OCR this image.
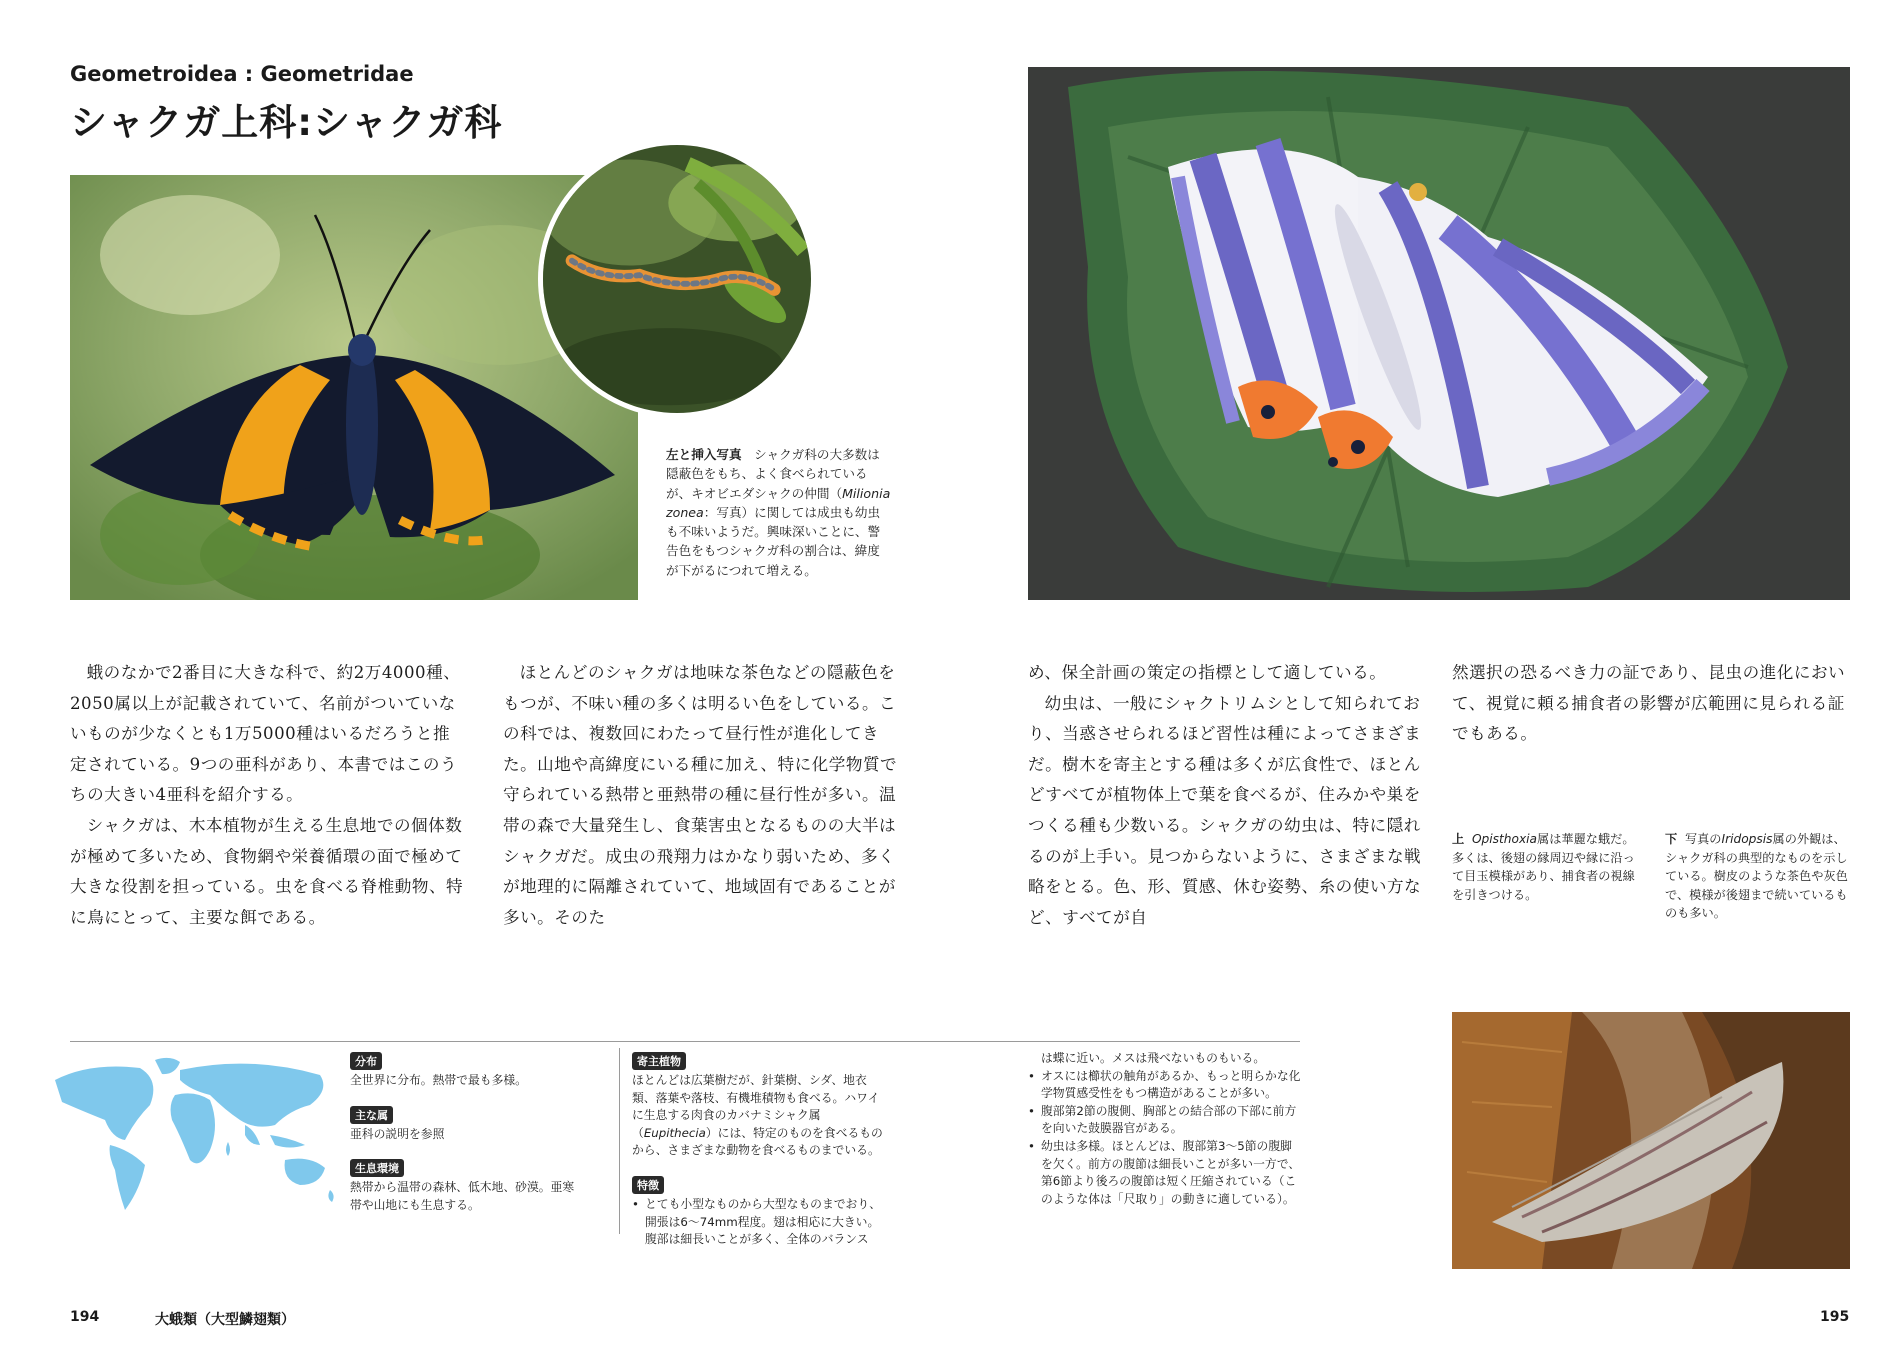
Geometroidea : Geometridae
シャクガ上科:シャクガ科
左と挿入写真　シャクガ科の大多数は隠蔽色をもち、よく食べられているが、キオビエダシャクの仲間（Milionia zonea：写真）に関しては成虫も幼虫も不味いようだ。興味深いことに、警告色をもつシャクガ科の割合は、緯度が下がるにつれて増える。

蛾のなかで2番目に大きな科で、約2万4000種、2050属以上が記載されていて、名前がついていないものが少なくとも1万5000種はいるだろうと推定されている。9つの亜科があり、本書ではこのうちの大きい4亜科を紹介する。

シャクガは、木本植物が生える生息地での個体数が極めて多いため、食物網や栄養循環の面で極めて大きな役割を担っている。虫を食べる脊椎動物、特に鳥にとって、主要な餌である。

ほとんどのシャクガは地味な茶色などの隠蔽色をもつが、不味い種の多くは明るい色をしている。この科では、複数回にわたって昼行性が進化してきた。山地や高緯度にいる種に加え、特に化学物質で守られている熱帯と亜熱帯の種に昼行性が多い。温帯の森で大量発生し、食葉害虫となるものの大半はシャクガだ。成虫の飛翔力はかなり弱いため、多くが地理的に隔離されていて、地域固有であることが多い。そのた

め、保全計画の策定の指標として適している。

幼虫は、一般にシャクトリムシとして知られており、当惑させられるほど習性は種によってさまざまだ。樹木を寄主とする種は多くが広食性で、ほとんどすべてが植物体上で葉を食べるが、住みかや巣をつくる種も少数いる。シャクガの幼虫は、特に隠れるのが上手い。見つからないように、さまざまな戦略をとる。色、形、質感、休む姿勢、糸の使い方など、すべてが自

然選択の恐るべき力の証であり、昆虫の進化において、視覚に頼る捕食者の影響が広範囲に見られる証でもある。

上 Opisthoxia属は華麗な蛾だ。多くは、後翅の縁周辺や縁に沿って目玉模様があり、捕食者の視線を引きつける。
下 写真のIridopsis属の外観は、シャクガ科の典型的なものを示している。樹皮のような茶色や灰色で、模様が後翅まで続いているものも多い。
分布
全世界に分布。熱帯で最も多様。
主な属
亜科の説明を参照
生息環境
熱帯から温帯の森林、低木地、砂漠。亜寒帯や山地にも生息する。
寄主植物
ほとんどは広葉樹だが、針葉樹、シダ、地衣類、落葉や落枝、有機堆積物も食べる。ハワイに生息する肉食のカバナミシャク属（Eupithecia）には、特定のものを食べるものから、さまざまな動物を食べるものまでいる。
特徴
• とても小型なものから大型なものまでおり、開張は6〜74mm程度。翅は相応に大きい。腹部は細長いことが多く、全体のバランス
は蝶に近い。メスは飛べないものもいる。
• オスには櫛状の触角があるか、もっと明らかな化学物質感受性をもつ構造があることが多い。
• 腹部第2節の腹側、胸部との結合部の下部に前方を向いた鼓膜器官がある。
• 幼虫は多様。ほとんどは、腹部第3〜5節の腹脚を欠く。前方の腹節は細長いことが多い一方で、第6節より後ろの腹節は短く圧縮されている（このような体は「尺取り」の動きに適している）。
194	大蛾類（大型鱗翅類）	195
